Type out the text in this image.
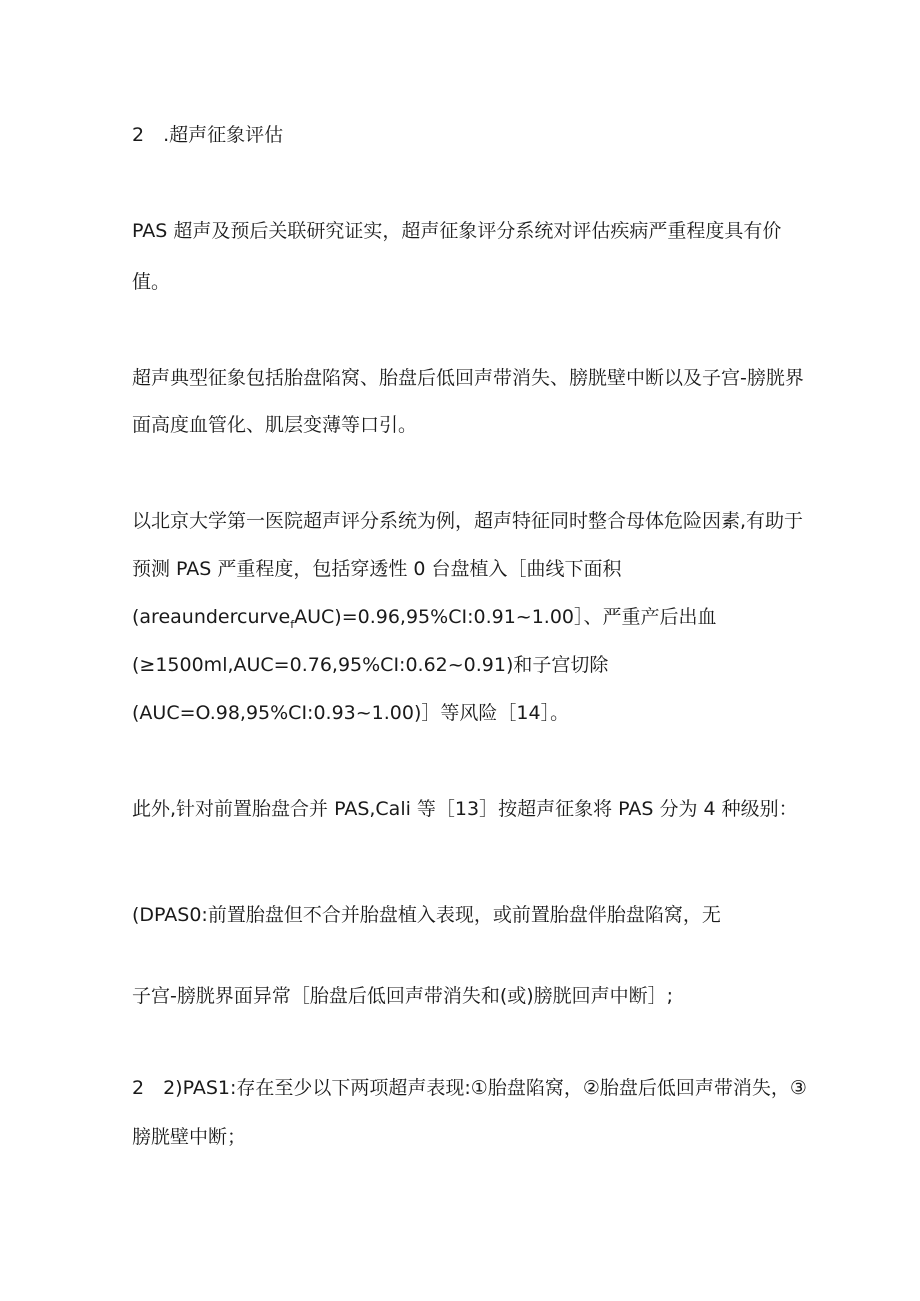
2　.超声征象评估
PAS 超声及预后关联研究证实，超声征象评分系统对评估疾病严重程度具有价
值。
超声典型征象包括胎盘陷窝、胎盘后低回声带消失、膀胱壁中断以及子宫-膀胱界
面高度血管化、肌层变薄等口引。
以北京大学第一医院超声评分系统为例，超声特征同时整合母体危险因素,有助于
预测 PAS 严重程度，包括穿透性 0 台盘植入［曲线下面积
(areaundercurve$_f$AUC)=0.96,95%CI:0.91~1.00］、严重产后出血
(≥1500ml,AUC=0.76,95%CI:0.62~0.91)和子宫切除
(AUC=O.98,95%CI:0.93~1.00)］等风险［14］。
此外,针对前置胎盘合并 PAS,Cali 等［13］按超声征象将 PAS 分为 4 种级别：
(DPAS0:前置胎盘但不合并胎盘植入表现，或前置胎盘伴胎盘陷窝，无
子宫-膀胱界面异常［胎盘后低回声带消失和(或)膀胱回声中断］;
2 2)PAS1:存在至少以下两项超声表现:①胎盘陷窝，②胎盘后低回声带消失，③
膀胱壁中断；
